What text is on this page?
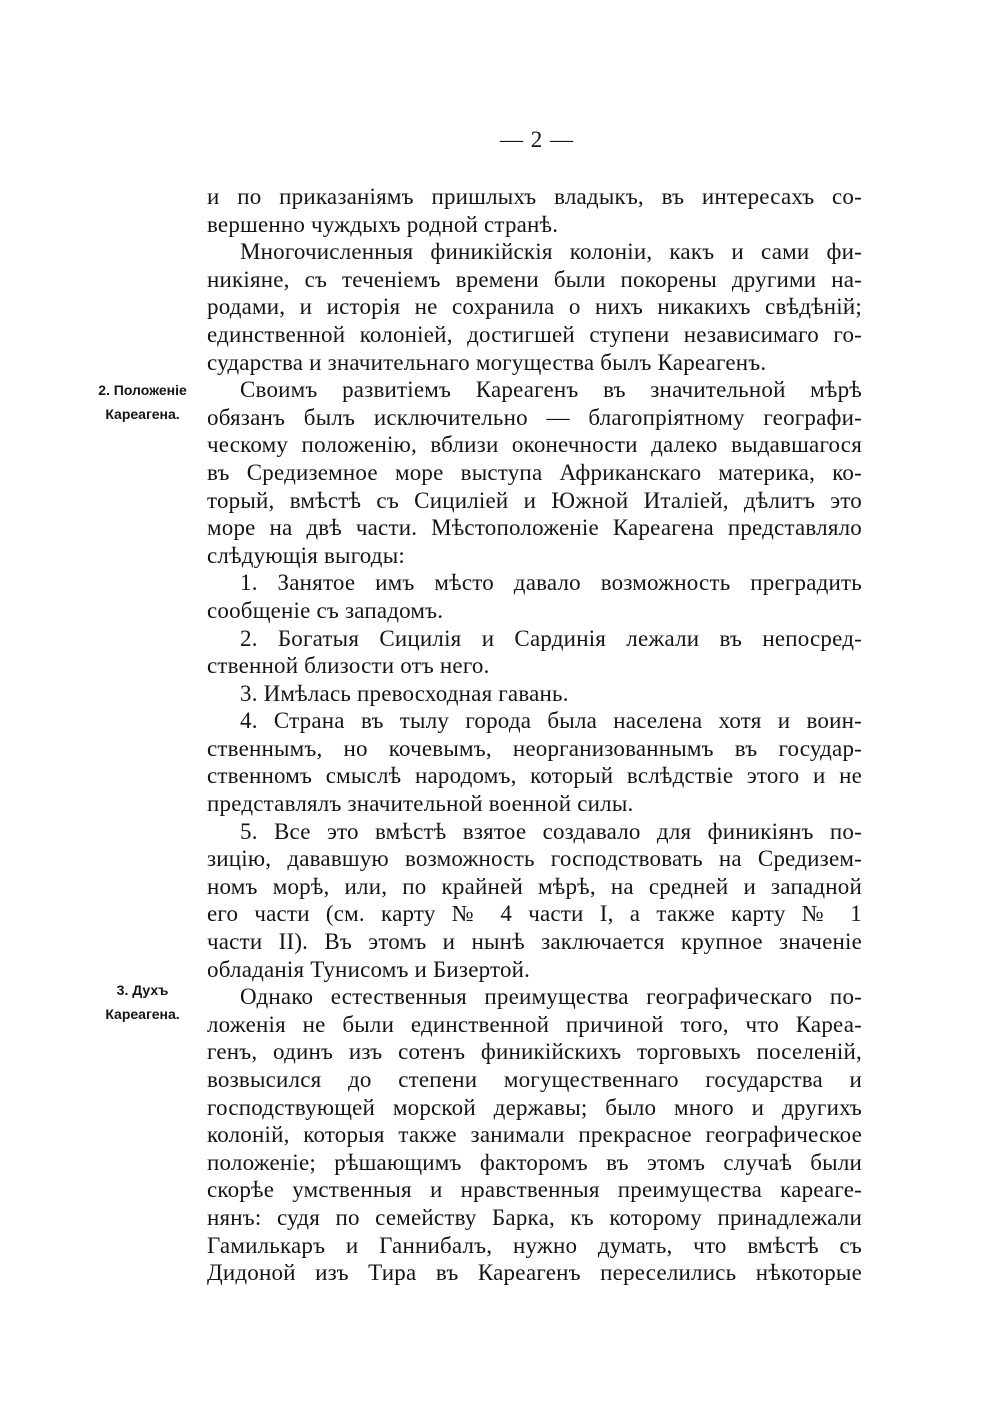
— 2 —
2. Положеніе
Кареагена.
3. Духъ
Кареагена.
и по приказаніямъ пришлыхъ владыкъ, въ интересахъ со-
вершенно чуждыхъ родной странѣ.
Многочисленныя финикійскія колоніи, какъ и сами фи-
никіяне, съ теченіемъ времени были покорены другими на-
родами, и исторія не сохранила о нихъ никакихъ свѣдѣній;
единственной колоніей, достигшей ступени независимаго го-
сударства и значительнаго могущества былъ Кареагенъ.
Своимъ развитіемъ Кареагенъ въ значительной мѣрѣ
обязанъ былъ исключительно — благопріятному географи-
ческому положенію, вблизи оконечности далеко выдавшагося
въ Средиземное море выступа Африканскаго материка, ко-
торый, вмѣстѣ съ Сициліей и Южной Италіей, дѣлитъ это
море на двѣ части. Мѣстоположеніе Кареагена представляло
слѣдующія выгоды:
1. Занятое имъ мѣсто давало возможность преградить
сообщеніе съ западомъ.
2. Богатыя Сицилія и Сардинія лежали въ непосред-
ственной близости отъ него.
3. Имѣлась превосходная гавань.
4. Страна въ тылу города была населена хотя и воин-
ственнымъ, но кочевымъ, неорганизованнымъ въ государ-
ственномъ смыслѣ народомъ, который вслѣдствіе этого и не
представлялъ значительной военной силы.
5. Все это вмѣстѣ взятое создавало для финикіянъ по-
зицію, дававшую возможность господствовать на Средизем-
номъ морѣ, или, по крайней мѣрѣ, на средней и западной
его части (см. карту № 4 части I, а также карту № 1
части II). Въ этомъ и нынѣ заключается крупное значеніе
обладанія Тунисомъ и Бизертой.
Однако естественныя преимущества географическаго по-
ложенія не были единственной причиной того, что Кареа-
генъ, одинъ изъ сотенъ финикійскихъ торговыхъ поселеній,
возвысился до степени могущественнаго государства и
господствующей морской державы; было много и другихъ
колоній, которыя также занимали прекрасное географическое
положеніе; рѣшающимъ факторомъ въ этомъ случаѣ были
скорѣе умственныя и нравственныя преимущества кареаге-
нянъ: судя по семейству Барка, къ которому принадлежали
Гамилькаръ и Ганнибалъ, нужно думать, что вмѣстѣ съ
Дидоной изъ Тира въ Кареагенъ переселились нѣкоторые
